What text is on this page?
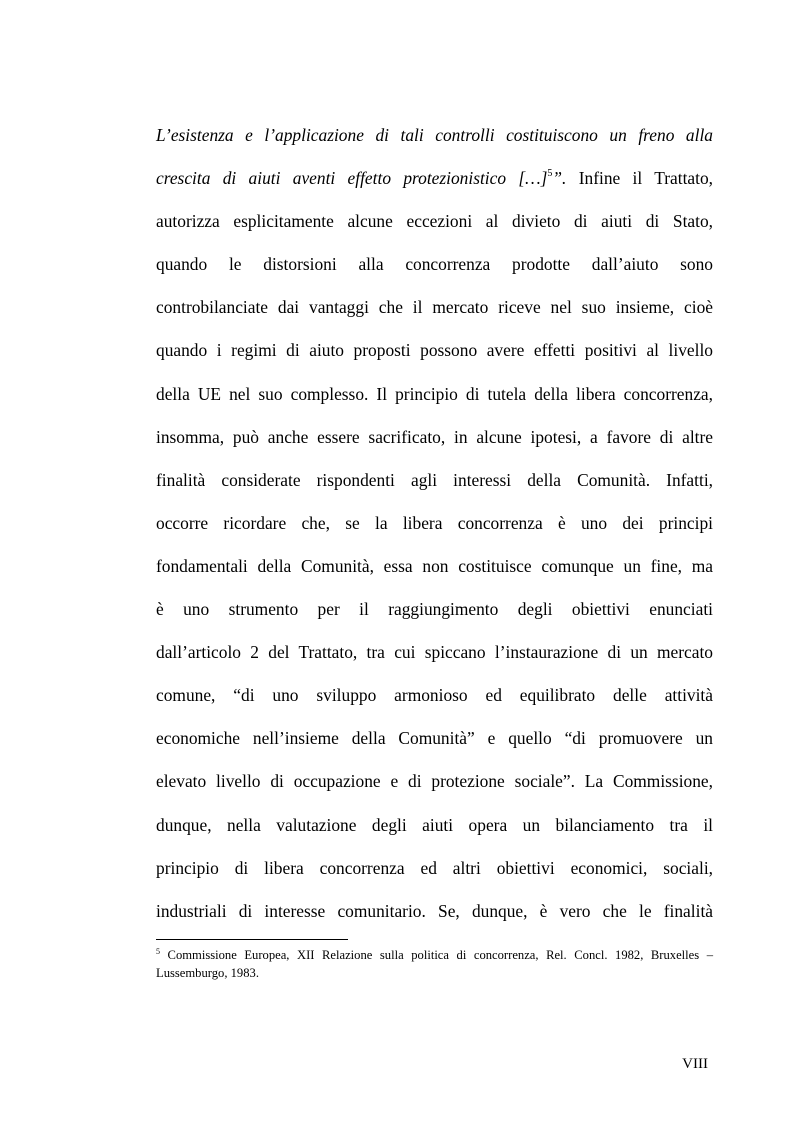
L’esistenza e l’applicazione di tali controlli costituiscono un freno alla
crescita di aiuti aventi effetto protezionistico […]$^5$”. Infine il Trattato,
autorizza esplicitamente alcune eccezioni al divieto di aiuti di Stato,
quando le distorsioni alla concorrenza prodotte dall’aiuto sono
controbilanciate dai vantaggi che il mercato riceve nel suo insieme, cioè
quando i regimi di aiuto proposti possono avere effetti positivi al livello
della UE nel suo complesso. Il principio di tutela della libera concorrenza,
insomma, può anche essere sacrificato, in alcune ipotesi, a favore di altre
finalità considerate rispondenti agli interessi della Comunità. Infatti,
occorre ricordare che, se la libera concorrenza è uno dei principi
fondamentali della Comunità, essa non costituisce comunque un fine, ma
è uno strumento per il raggiungimento degli obiettivi enunciati
dall’articolo 2 del Trattato, tra cui spiccano l’instaurazione di un mercato
comune, “di uno sviluppo armonioso ed equilibrato delle attività
economiche nell’insieme della Comunità” e quello “di promuovere un
elevato livello di occupazione e di protezione sociale”. La Commissione,
dunque, nella valutazione degli aiuti opera un bilanciamento tra il
principio di libera concorrenza ed altri obiettivi economici, sociali,
industriali di interesse comunitario. Se, dunque, è vero che le finalità
$^5$ Commissione Europea, XII Relazione sulla politica di concorrenza, Rel. Concl. 1982, Bruxelles –
Lussemburgo, 1983.
VIII
